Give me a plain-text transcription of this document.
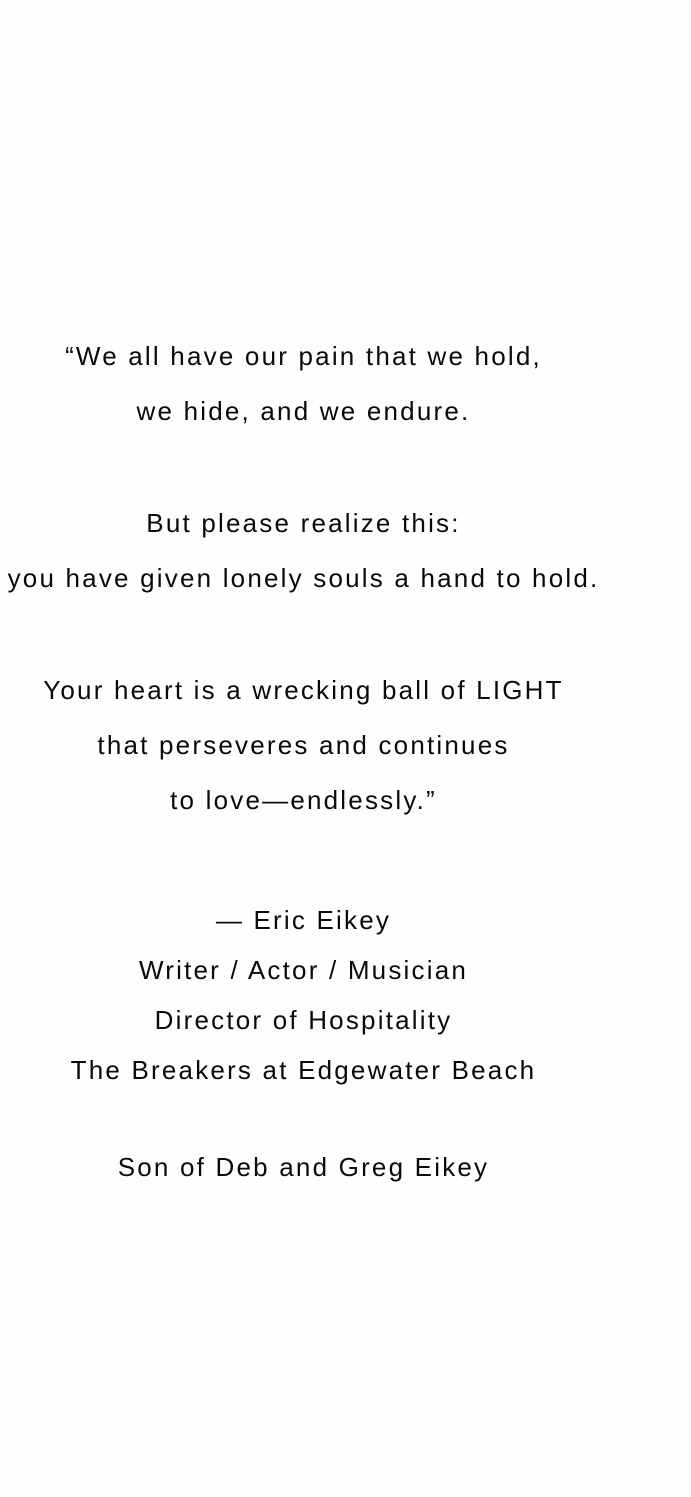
“We all have our pain that we hold,
we hide, and we endure.

But please realize this:
you have given lonely souls a hand to hold.

Your heart is a wrecking ball of LIGHT
that perseveres and continues
to love—endlessly.”

— Eric Eikey
Writer / Actor / Musician
Director of Hospitality
The Breakers at Edgewater Beach

Son of Deb and Greg Eikey
